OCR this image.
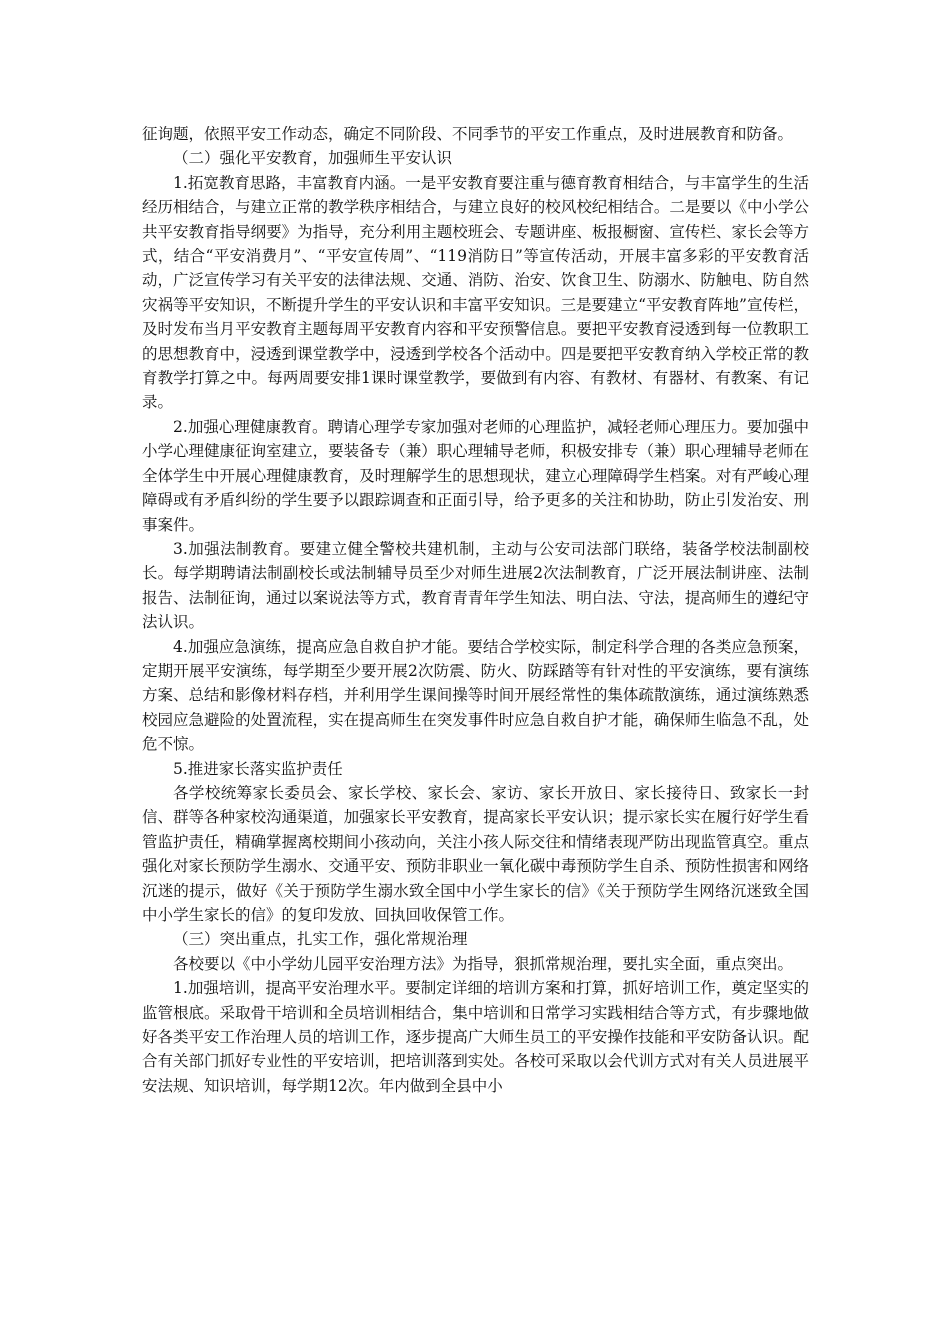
征询题，依照平安工作动态，确定不同阶段、不同季节的平安工作重点，及时进展教育和防备。

（二）强化平安教育，加强师生平安认识

1.拓宽教育思路，丰富教育内涵。一是平安教育要注重与德育教育相结合，与丰富学生的生活经历相结合，与建立正常的教学秩序相结合，与建立良好的校风校纪相结合。二是要以《中小学公共平安教育指导纲要》为指导，充分利用主题校班会、专题讲座、板报橱窗、宣传栏、家长会等方式，结合“平安消费月”、“平安宣传周”、“119消防日”等宣传活动，开展丰富多彩的平安教育活动，广泛宣传学习有关平安的法律法规、交通、消防、治安、饮食卫生、防溺水、防触电、防自然灾祸等平安知识，不断提升学生的平安认识和丰富平安知识。三是要建立“平安教育阵地”宣传栏，及时发布当月平安教育主题每周平安教育内容和平安预警信息。要把平安教育浸透到每一位教职工的思想教育中，浸透到课堂教学中，浸透到学校各个活动中。四是要把平安教育纳入学校正常的教育教学打算之中。每两周要安排1课时课堂教学，要做到有内容、有教材、有器材、有教案、有记录。

2.加强心理健康教育。聘请心理学专家加强对老师的心理监护，减轻老师心理压力。要加强中小学心理健康征询室建立，要装备专（兼）职心理辅导老师，积极安排专（兼）职心理辅导老师在全体学生中开展心理健康教育，及时理解学生的思想现状，建立心理障碍学生档案。对有严峻心理障碍或有矛盾纠纷的学生要予以跟踪调查和正面引导，给予更多的关注和协助，防止引发治安、刑事案件。

3.加强法制教育。要建立健全警校共建机制，主动与公安司法部门联络，装备学校法制副校长。每学期聘请法制副校长或法制辅导员至少对师生进展2次法制教育，广泛开展法制讲座、法制报告、法制征询，通过以案说法等方式，教育青青年学生知法、明白法、守法，提高师生的遵纪守法认识。

4.加强应急演练，提高应急自救自护才能。要结合学校实际，制定科学合理的各类应急预案，定期开展平安演练，每学期至少要开展2次防震、防火、防踩踏等有针对性的平安演练，要有演练方案、总结和影像材料存档，并利用学生课间操等时间开展经常性的集体疏散演练，通过演练熟悉校园应急避险的处置流程，实在提高师生在突发事件时应急自救自护才能，确保师生临急不乱，处危不惊。

5.推进家长落实监护责任

各学校统筹家长委员会、家长学校、家长会、家访、家长开放日、家长接待日、致家长一封信、群等各种家校沟通渠道，加强家长平安教育，提高家长平安认识；提示家长实在履行好学生看管监护责任，精确掌握离校期间小孩动向，关注小孩人际交往和情绪表现严防出现监管真空。重点强化对家长预防学生溺水、交通平安、预防非职业一氧化碳中毒预防学生自杀、预防性损害和网络沉迷的提示，做好《关于预防学生溺水致全国中小学生家长的信》《关于预防学生网络沉迷致全国中小学生家长的信》的复印发放、回执回收保管工作。

（三）突出重点，扎实工作，强化常规治理

各校要以《中小学幼儿园平安治理方法》为指导，狠抓常规治理，要扎实全面，重点突出。

1.加强培训，提高平安治理水平。要制定详细的培训方案和打算，抓好培训工作，奠定坚实的监管根底。采取骨干培训和全员培训相结合，集中培训和日常学习实践相结合等方式，有步骤地做好各类平安工作治理人员的培训工作，逐步提高广大师生员工的平安操作技能和平安防备认识。配合有关部门抓好专业性的平安培训，把培训落到实处。各校可采取以会代训方式对有关人员进展平安法规、知识培训，每学期12次。年内做到全县中小
